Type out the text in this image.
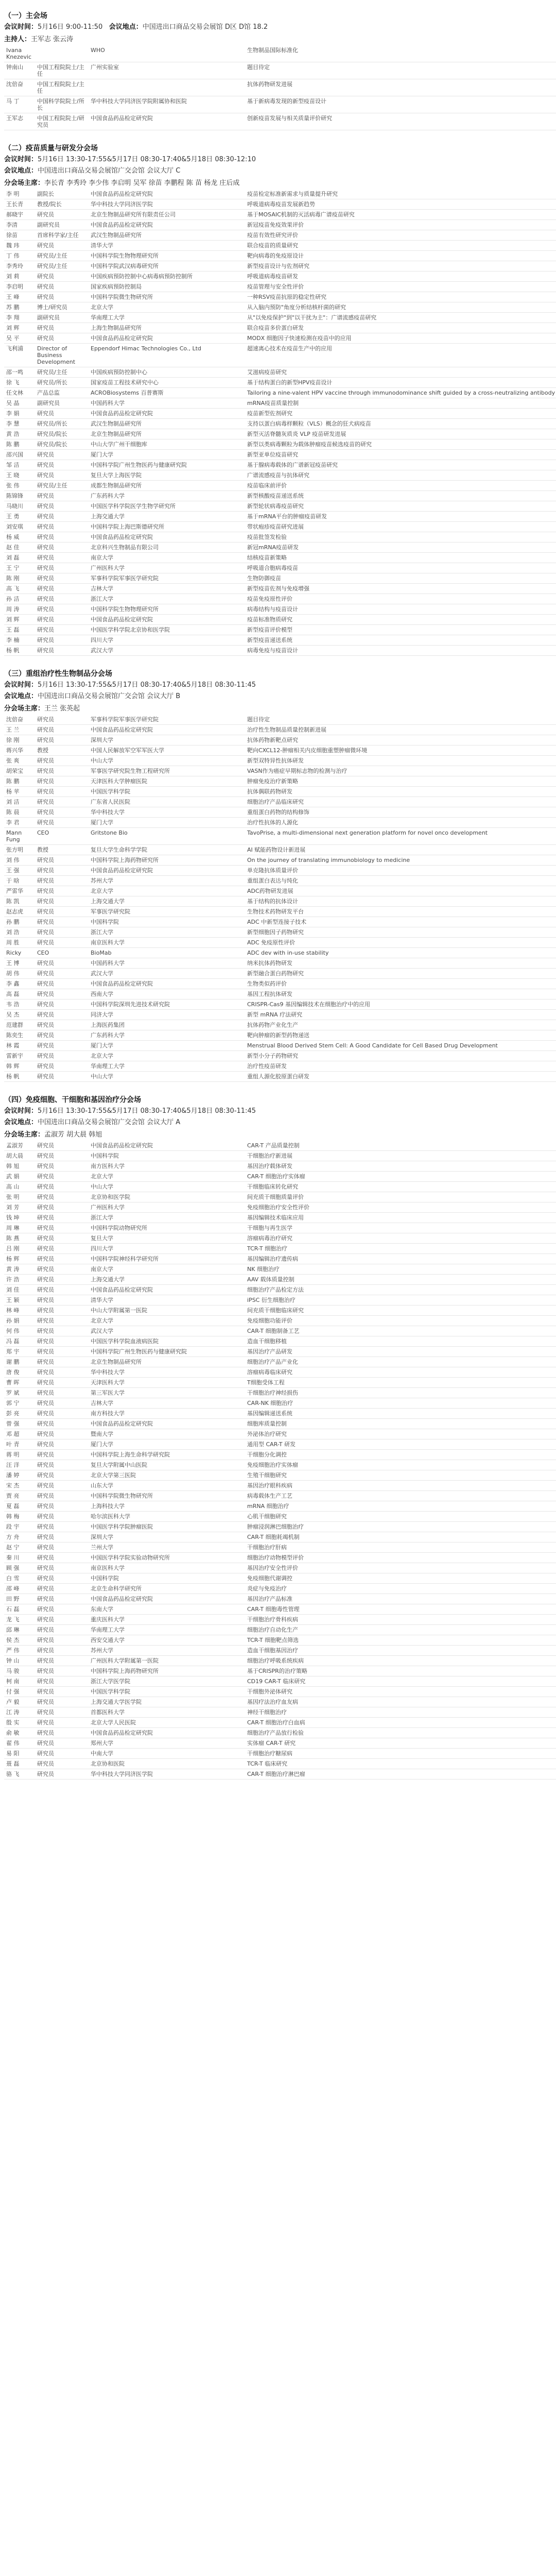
（一）主会场
会议时间：5月16日 9:00-11:50 会议地点：中国进出口商品交易会展馆 D区 D馆 18.2
主持人：王军志 张云涛
Ivana Knezevic		WHO	生物制品国际标准化
钟南山	中国工程院院士/主任	广州实验室	题目待定
沈倍奋	中国工程院院士/主任		抗体药物研发进展
马 丁	中国科学院院士/所长	华中科技大学同济医学院附属协和医院	基于新病毒发现的新型疫苗设计
王军志	中国工程院院士/研究员	中国食品药品检定研究院	创新疫苗发展与相关质量评价研究
（二）疫苗质量与研发分会场
会议时间：5月16日 13:30-17:55&5月17日 08:30-17:40&5月18日 08:30-12:10
会议地点：中国进出口商品交易会展馆广交会馆 会议大厅 C
分会场主席：李长青 李秀玲 李少伟 李启明 吴军 徐苗 李鹏程 陈 苗 杨龙 庄后成
李 明	副院长	中国食品药品检定研究院	疫苗检定标准新需求与质量提升研究
王长青	教授/院长	华中科技大学同济医学院	呼吸道病毒疫苗发展新趋势
郝晓宇	研究员	北京生物制品研究所有限责任公司	基于MOSAIC机制的灭活病毒广谱疫苗研究
李清	副研究员	中国食品药品检定研究院	新冠疫苗免疫效果评价
徐苗	首席科学家/主任	武汉生物制品研究所	疫苗有效性研究评价
魏 玮	研究员	清华大学	联合疫苗的质量研究
丁 伟	研究员/主任	中国科学院生物物理研究所	靶向病毒的免疫原设计
李秀玲	研究员/主任	中国科学院武汉病毒研究所	新型疫苗设计与佐剂研究
刘 莉	研究员	中国疾病预防控制中心病毒病预防控制所	呼吸道病毒疫苗研发
李启明	研究员	国家疾病预防控制局	疫苗管理与安全性评价
王 峰	研究员	中国科学院微生物研究所	一种RSV疫苗抗原的稳定性研究
苏 鹏	博士/研究员	北京大学	从入脑内预防"角度分析结核杆菌的研究
李 翔	副研究员	华南理工大学	从"以免疫保护"到"以干扰为主"：广谱流感疫苗研究
刘 辉	研究员	上海生物制品研究所	联合疫苗多价蛋白研发
吴 平	研究员	中国食品药品检定研究院	MODX 细胞因子快速检测在疫苗中的应用
飞利浦	Director of Business Development	Eppendorf Himac Technologies Co., Ltd	超速离心技术在疫苗生产中的应用
邵一鸣	研究员/主任	中国疾病预防控制中心	艾滋病疫苗研究
徐 飞	研究员/所长	国家疫苗工程技术研究中心	基于结构蛋白的新型HPV疫苗设计
任文林	产品总监	ACROBiosystems 百普赛斯	Tailoring a nine-valent HPV vaccine through immunodominance shift guided by a cross-neutralizing antibody
吴 晶	副研究员	中国药科大学	mRNA疫苗质量控制
李 娟	研究员	中国食品药品检定研究院	疫苗新型佐剂研究
李 慧	研究员/所长	武汉生物制品研究所	支持以蛋白病毒样颗粒（VLS）概念的狂犬病疫苗
黄 浩	研究员/院长	北京生物制品研究所	新型灭活脊髓灰质炎 VLP 疫苗研发进展
陈 鹏	研究员/院长	中山大学广州干细胞库	新型以类病毒颗粒为载体肿瘤疫苗候选疫苗的研究
邵兴国	研究员	厦门大学	新型亚单位疫苗研究
邹 洁	研究员	中国科学院广州生物医药与健康研究院	基于腺病毒载体的广谱新冠疫苗研究
王 晓	研究员	复旦大学上海医学院	广谱流感疫苗与抗体研究
张 伟	研究员/主任	成都生物制品研究所	疫苗临床前评价
陈锦锋	研究员	广东药科大学	新型核酸疫苗递送系统
马晓川	研究员	中国医学科学院医学生物学研究所	新型轮状病毒疫苗研究
王 勇	研究员	上海交通大学	基于mRNA平台的肿瘤疫苗研发
刘安琪	研究员	中国科学院上海巴斯德研究所	带状疱疹疫苗研究进展
杨 威	研究员	中国食品药品检定研究院	疫苗批签发检验
赵 佳	研究员	北京科兴生物制品有限公司	新冠mRNA疫苗研发
刘 磊	研究员	南京大学	结核疫苗新策略
王 宁	研究员	广州医科大学	呼吸道合胞病毒疫苗
陈 刚	研究员	军事科学院军事医学研究院	生物防御疫苗
高 飞	研究员	吉林大学	新型疫苗佐剂与免疫增强
孙 洁	研究员	浙江大学	疫苗免疫原性评价
周 涛	研究员	中国科学院生物物理研究所	病毒结构与疫苗设计
刘 辉	研究员	中国食品药品检定研究院	疫苗标准物质研究
王 磊	研究员	中国医学科学院北京协和医学院	新型疫苗评价模型
李 楠	研究员	四川大学	新型疫苗递送系统
杨 帆	研究员	武汉大学	病毒免疫与疫苗设计
（三）重组治疗性生物制品分会场
会议时间：5月16日 13:30-17:55&5月17日 08:30-17:40&5月18日 08:30-11:45
会议地点：中国进出口商品交易会展馆广交会馆 会议大厅 B
分会场主席：王兰 张英起
沈倍奋	研究员	军事科学院军事医学研究院	题目待定
王 兰	研究员	中国食品药品检定研究院	治疗性生物制品质量控制新进展
徐 刚	研究员	深圳大学	抗体药物新靶点研究
蒋兴华	教授	中国人民解放军空军军医大学	靶向CXCL12-肿瘤相关内皮细胞重塑肿瘤微环境
张 爽	研究员	中山大学	新型双特异性抗体研发
胡荣宝	研究员	军事医学研究院生物工程研究所	VASN作为癌症早期标志物的检测与治疗
陈 鹏	研究员	天津医科大学肿瘤医院	肿瘤免疫治疗新策略
杨 苹	研究员	中国医学科学院	抗体偶联药物研发
刘 洁	研究员	广东省人民医院	细胞治疗产品临床研究
陈 晨	研究员	华中科技大学	重组蛋白药物的结构修饰
李 君	研究员	厦门大学	治疗性抗体的人源化
Mann Fung	CEO	Gritstone Bio	TavoPrise, a multi-dimensional next generation platform for novel onco development
张方明	教授	复旦大学生命科学学院	AI 赋能药物设计新进展
刘 伟	研究员	中国科学院上海药物研究所	On the journey of translating immunobiology to medicine
王 强	研究员	中国食品药品检定研究院	单克隆抗体质量评价
于 晗	研究员	苏州大学	重组蛋白表达与纯化
严雷华	研究员	北京大学	ADC药物研发进展
陈 凯	研究员	上海交通大学	基于结构的抗体设计
赵志虎	研究员	军事医学研究院	生物技术药物研发平台
孙 鹏	研究员	中国科学院	ADC 中新型连接子技术
刘 浩	研究员	浙江大学	新型细胞因子药物研究
周 胜	研究员	南京医科大学	ADC 免疫原性评价
Ricky	CEO	BioMab	ADC dev with in-use stability
王 博	研究员	中国药科大学	纳米抗体药物研发
胡 伟	研究员	武汉大学	新型融合蛋白药物研究
李 鑫	研究员	中国食品药品检定研究院	生物类似药评价
高 磊	研究员	西南大学	基因工程抗体研发
韦 浩	研究员	中国科学院深圳先进技术研究院	CRISPR-Cas9 基因编辑技术在细胞治疗中的应用
吴 杰	研究员	同济大学	新型 mRNA 疗法研究
范建群	研究员	上海医药集团	抗体药物产业化生产
陈奕生	研究员	广东药科大学	靶向肿瘤的新型药物递送
林 霞	研究员	厦门大学	Menstrual Blood Derived Stem Cell: A Good Candidate for Cell Based Drug Development
雷新宇	研究员	北京大学	新型小分子药物研究
韩 辉	研究员	华南理工大学	治疗性疫苗研发
杨 帆	研究员	中山大学	重组人源化胶原蛋白研发
（四）免疫细胞、干细胞和基因治疗分会场
会议时间：5月16日 13:30-17:55&5月17日 08:30-17:40&5月18日 08:30-11:45
会议地点：中国进出口商品交易会展馆广交会馆 会议大厅 A
分会场主席：孟淑芳 胡大晨 韩旭
孟淑芳	研究员	中国食品药品检定研究院	CAR-T 产品质量控制
胡大晨	研究员	中国科学院	干细胞治疗新进展
韩 旭	研究员	南方医科大学	基因治疗载体研发
武 娟	研究员	北京大学	CAR-T 细胞治疗实体瘤
高 山	研究员	中山大学	干细胞临床转化研究
张 明	研究员	北京协和医学院	间充质干细胞质量评价
刘 芳	研究员	广州医科大学	免疫细胞治疗安全性评价
钱 坤	研究员	浙江大学	基因编辑技术临床应用
周 琳	研究员	中国科学院动物研究所	干细胞与再生医学
陈 燕	研究员	复旦大学	溶瘤病毒治疗研究
吕 刚	研究员	四川大学	TCR-T 细胞治疗
杨 辉	研究员	中国科学院神经科学研究所	基因编辑治疗遗传病
黄 涛	研究员	南京大学	NK 细胞治疗
许 浩	研究员	上海交通大学	AAV 载体质量控制
刘 佳	研究员	中国食品药品检定研究院	细胞治疗产品检定方法
王 颖	研究员	清华大学	iPSC 衍生细胞治疗
林 峰	研究员	中山大学附属第一医院	间充质干细胞临床研究
孙 娟	研究员	北京大学	免疫细胞功能评价
何 伟	研究员	武汉大学	CAR-T 细胞制备工艺
冯 磊	研究员	中国医学科学院血液病医院	造血干细胞移植
郑 宇	研究员	中国科学院广州生物医药与健康研究院	基因治疗产品研发
谢 鹏	研究员	北京生物制品研究所	细胞治疗产品产业化
唐 俊	研究员	华中科技大学	溶瘤病毒临床研究
曹 晖	研究员	天津医科大学	T细胞受体工程
罗 斌	研究员	第三军医大学	干细胞治疗神经损伤
郭 宁	研究员	吉林大学	CAR-NK 细胞治疗
彭 亮	研究员	南方科技大学	基因编辑递送系统
曾 强	研究员	中国食品药品检定研究院	细胞库质量控制
邓 超	研究员	暨南大学	外泌体治疗研究
叶 青	研究员	厦门大学	通用型 CAR-T 研发
蒋 明	研究员	中国科学院上海生命科学研究院	干细胞分化调控
汪 洋	研究员	复旦大学附属中山医院	免疫细胞治疗实体瘤
潘 婷	研究员	北京大学第三医院	生殖干细胞研究
宋 杰	研究员	山东大学	基因治疗眼科疾病
贾 亮	研究员	中国科学院微生物研究所	病毒载体生产工艺
夏 磊	研究员	上海科技大学	mRNA 细胞治疗
韩 梅	研究员	哈尔滨医科大学	心肌干细胞研究
段 宇	研究员	中国医学科学院肿瘤医院	肿瘤浸润淋巴细胞治疗
方 舟	研究员	深圳大学	CAR-T 细胞耗竭机制
赵 宁	研究员	兰州大学	干细胞治疗肝病
秦 川	研究员	中国医学科学院实验动物研究所	细胞治疗动物模型评价
顾 强	研究员	南京医科大学	基因治疗安全性评价
白 雪	研究员	中国科学院	免疫细胞代谢调控
邵 峰	研究员	北京生命科学研究所	炎症与免疫治疗
田 野	研究员	中国食品药品检定研究院	基因治疗产品标准
石 磊	研究员	东南大学	CAR-T 细胞毒性管理
龙 飞	研究员	重庆医科大学	干细胞治疗骨科疾病
邱 琳	研究员	华南理工大学	细胞治疗自动化生产
侯 杰	研究员	西安交通大学	TCR-T 细胞靶点筛选
严 伟	研究员	苏州大学	造血干细胞基因治疗
钟 山	研究员	广州医科大学附属第一医院	细胞治疗呼吸系统疾病
马 骏	研究员	中国科学院上海药物研究所	基于CRISPR的治疗策略
柯 南	研究员	浙江大学医学院	CD19 CAR-T 临床研究
付 强	研究员	中国医学科学院	干细胞外泌体研究
卢 毅	研究员	上海交通大学医学院	基因疗法治疗血友病
江 涛	研究员	首都医科大学	神经干细胞治疗
殷 实	研究员	北京大学人民医院	CAR-T 细胞治疗白血病
俞 敏	研究员	中国食品药品检定研究院	细胞治疗产品放行检验
翟 伟	研究员	郑州大学	实体瘤 CAR-T 研究
易 阳	研究员	中南大学	干细胞治疗糖尿病
聂 磊	研究员	北京协和医院	TCR-T 临床研究
骆 飞	研究员	华中科技大学同济医学院	CAR-T 细胞治疗淋巴瘤
